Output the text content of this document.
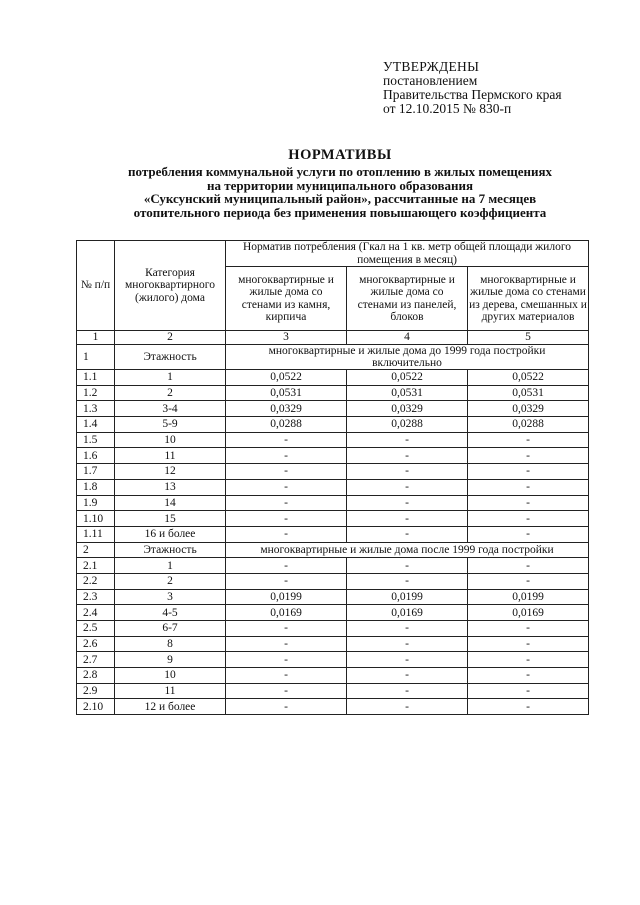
УТВЕРЖДЕНЫ
постановлением
Правительства Пермского края
от 12.10.2015 № 830-п
НОРМАТИВЫ
потребления коммунальной услуги по отоплению в жилых помещениях
на территории муниципального образования
«Суксунский муниципальный район», рассчитанные на 7 месяцев
отопительного периода без применения повышающего коэффициента
№ п/п	Категория многоквартирного (жилого) дома	Норматив потребления (Гкал на 1 кв. метр общей площади жилого помещения в месяц)		
		многоквартирные и жилые дома со стенами из камня, кирпича	многоквартирные и жилые дома со стенами из панелей, блоков	многоквартирные и жилые дома со стенами из дерева, смешанных и других материалов
1	2	3	4	5
1	Этажность	многоквартирные и жилые дома до 1999 года постройки включительно		
1.1	1	0,0522	0,0522	0,0522
1.2	2	0,0531	0,0531	0,0531
1.3	3-4	0,0329	0,0329	0,0329
1.4	5-9	0,0288	0,0288	0,0288
1.5	10	-	-	-
1.6	11	-	-	-
1.7	12	-	-	-
1.8	13	-	-	-
1.9	14	-	-	-
1.10	15	-	-	-
1.11	16 и более	-	-	-
2	Этажность	многоквартирные и жилые дома после 1999 года постройки		
2.1	1	-	-	-
2.2	2	-	-	-
2.3	3	0,0199	0,0199	0,0199
2.4	4-5	0,0169	0,0169	0,0169
2.5	6-7	-	-	-
2.6	8	-	-	-
2.7	9	-	-	-
2.8	10	-	-	-
2.9	11	-	-	-
2.10	12 и более	-	-	-
